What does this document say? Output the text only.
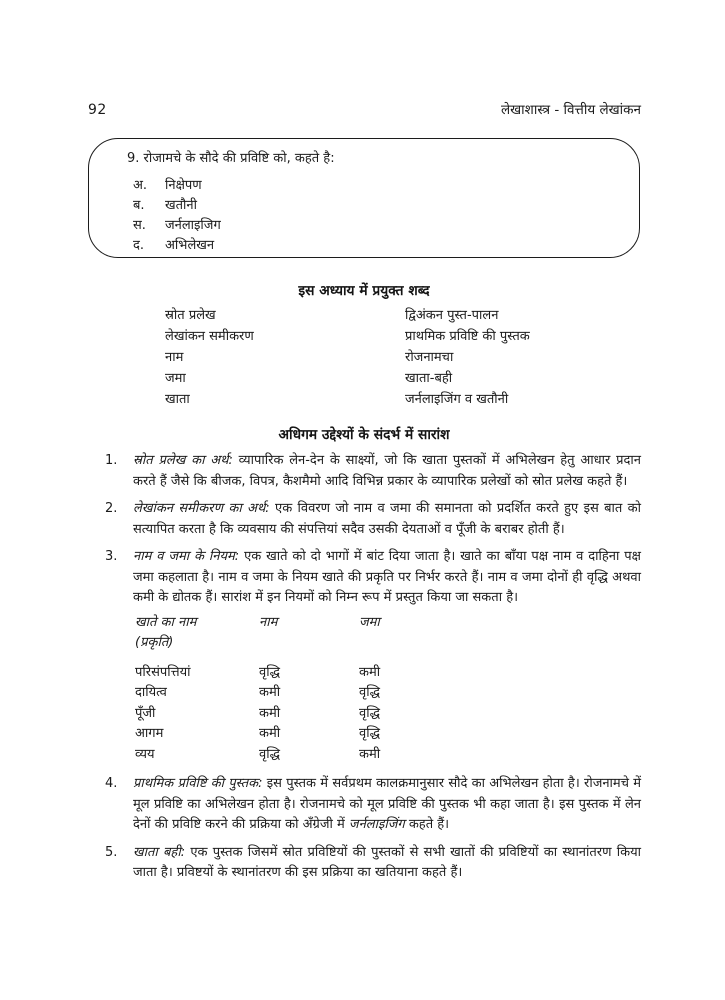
92	लेखाशास्त्र - वित्तीय लेखांकन
9. रोजामचे के सौदे की प्रविष्टि को, कहते है:
अ.	निक्षेपण
ब.	खतौनी
स.	जर्नलाइजिग
द.	अभिलेखन
इस अध्याय में प्रयुक्त शब्द
स्रोत प्रलेख	द्विअंकन पुस्त-पालन
लेखांकन समीकरण	प्राथमिक प्रविष्टि की पुस्तक
नाम	रोजनामचा
जमा	खाता-बही
खाता	जर्नलाइजिंग व खतौनी
अधिगम उद्देश्यों के संदर्भ में सारांश
1.	स्रोत प्रलेख का अर्थ: व्यापारिक लेन-देन के साक्ष्यों, जो कि खाता पुस्तकों में अभिलेखन हेतु आधार प्रदान करते हैं जैसे कि बीजक, विपत्र, कैशमैमो आदि विभिन्न प्रकार के व्यापारिक प्रलेखों को स्रोत प्रलेख कहते हैं।
2.	लेखांकन समीकरण का अर्थ: एक विवरण जो नाम व जमा की समानता को प्रदर्शित करते हुए इस बात को सत्यापित करता है कि व्यवसाय की संपत्तियां सदैव उसकी देयताओं व पूँजी के बराबर होती हैं।
3.	नाम व जमा के नियम: एक खाते को दो भागों में बांट दिया जाता है। खाते का बाँया पक्ष नाम व दाहिना पक्ष जमा कहलाता है। नाम व जमा के नियम खाते की प्रकृति पर निर्भर करते हैं। नाम व जमा दोनों ही वृद्धि अथवा कमी के द्योतक हैं। सारांश में इन नियमों को निम्न रूप में प्रस्तुत किया जा सकता है।
खाते का नाम	नाम	जमा
(प्रकृति)
परिसंपत्तियां	वृद्धि	कमी
दायित्व	कमी	वृद्धि
पूँजी	कमी	वृद्धि
आगम	कमी	वृद्धि
व्यय	वृद्धि	कमी
4.	प्राथमिक प्रविष्टि की पुस्तक: इस पुस्तक में सर्वप्रथम कालक्रमानुसार सौदे का अभिलेखन होता है। रोजनामचे में मूल प्रविष्टि का अभिलेखन होता है। रोजनामचे को मूल प्रविष्टि की पुस्तक भी कहा जाता है। इस पुस्तक में लेन देनों की प्रविष्टि करने की प्रक्रिया को अँग्रेजी में जर्नलाइजिंग कहते हैं।
5.	खाता बही: एक पुस्तक जिसमें स्रोत प्रविष्टियों की पुस्तकों से सभी खातों की प्रविष्टियों का स्थानांतरण किया जाता है। प्रविष्टयों के स्थानांतरण की इस प्रक्रिया का खतियाना कहते हैं।
